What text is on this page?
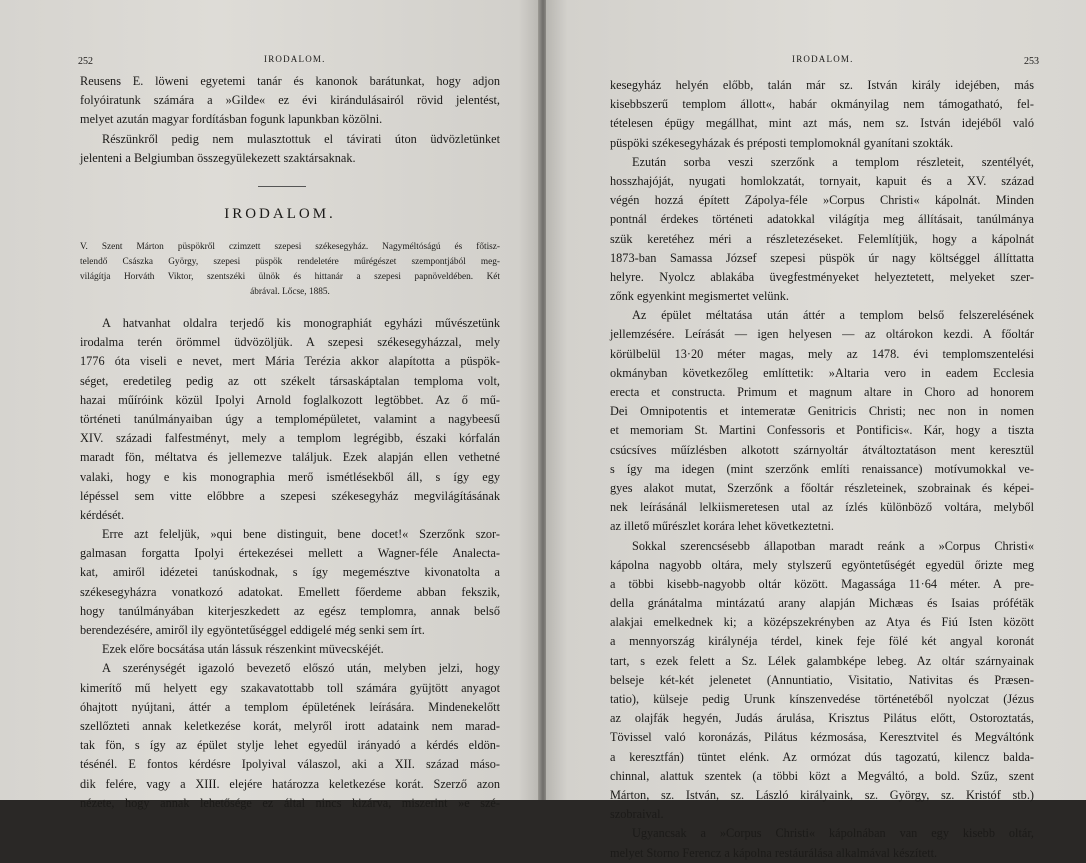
252	IRODALOM.
Reusens E. löweni egyetemi tanár és kanonok barátunkat, hogy adjon
folyóiratunk számára a »Gilde« ez évi kirándulásairól rövid jelentést,
melyet azután magyar fordításban fogunk lapunkban közölni.
Részünkről pedig nem mulasztottuk el távirati úton üdvözletünket
jelenteni a Belgiumban összegyülekezett szaktársaknak.
IRODALOM.
V. Szent Márton püspökről czimzett szepesi székesegyház. Nagyméltóságú és főtisz-
telendő Császka György, szepesi püspök rendeletére műrégészet szempontjából meg-
világítja Horváth Viktor, szentszéki ülnök és hittanár a szepesi papnöveldében. Két
ábrával. Lőcse, 1885.
A hatvanhat oldalra terjedő kis monographiát egyházi művészetünk
irodalma terén örömmel üdvözöljük. A szepesi székesegyházzal, mely
1776 óta viseli e nevet, mert Mária Terézia akkor alapította a püspök-
séget, eredetileg pedig az ott székelt társaskáptalan temploma volt,
hazai műíróink közül Ipolyi Arnold foglalkozott legtöbbet. Az ő mű-
történeti tanúlmányaiban úgy a templomépületet, valamint a nagybeesű
XIV. századi falfestményt, mely a templom legrégibb, északi kórfalán
maradt fön, méltatva és jellemezve találjuk. Ezek alapján ellen vethetné
valaki, hogy e kis monographia merő ismétlésekből áll, s így egy
lépéssel sem vitte előbbre a szepesi székesegyház megvilágításának
kérdését.
Erre azt feleljük, »qui bene distinguit, bene docet!« Szerzőnk szor-
galmasan forgatta Ipolyi értekezései mellett a Wagner-féle Analecta-
kat, amiről idézetei tanúskodnak, s így megemésztve kivonatolta a
székesegyházra vonatkozó adatokat. Emellett főerdeme abban fekszik,
hogy tanúlmányában kiterjeszkedett az egész templomra, annak belső
berendezésére, amiről ily egyöntetűséggel eddigelé még senki sem írt.
Ezek előre bocsátása után lássuk részenkint müvecskéjét.
A szerénységét igazoló bevezető előszó után, melyben jelzi, hogy
kimerítő mű helyett egy szakavatottabb toll számára gyüjtött anyagot
óhajtott nyújtani, áttér a templom épületének leírására. Mindenekelőtt
szellőzteti annak keletkezése korát, melyről irott adataink nem marad-
tak fön, s így az épület stylje lehet egyedül irányadó a kérdés eldön-
tésénél. E fontos kérdésre Ipolyival válaszol, aki a XII. század máso-
dik felére, vagy a XIII. elejére határozza keletkezése korát. Szerző azon
nézete, hogy annak lehetősége ez által nincs kizárva, miszerint »e szé-
IRODALOM.	253
kesegyház helyén előbb, talán már sz. István király idejében, más
kisebbszerű templom állott«, habár okmányilag nem támogatható, fel-
tételesen épügy megállhat, mint azt más, nem sz. István idejéből való
püspöki székesegyházak és préposti templomoknál gyanítani szokták.
Ezután sorba veszi szerzőnk a templom részleteit, szentélyét,
hosszhajóját, nyugati homlokzatát, tornyait, kapuit és a XV. század
végén hozzá épített Zápolya-féle »Corpus Christi« kápolnát. Minden
pontnál érdekes történeti adatokkal világítja meg állításait, tanúlmánya
szük keretéhez méri a részletezéseket. Felemlítjük, hogy a kápolnát
1873-ban Samassa József szepesi püspök úr nagy költséggel állíttatta
helyre. Nyolcz ablakába üvegfestményeket helyeztetett, melyeket szer-
zőnk egyenkint megismertet velünk.
Az épület méltatása után áttér a templom belső felszerelésének
jellemzésére. Leírását — igen helyesen — az oltárokon kezdi. A főoltár
körülbelül 13·20 méter magas, mely az 1478. évi templomszentelési
okmányban következőleg említtetik: »Altaria vero in eadem Ecclesia
erecta et constructa. Primum et magnum altare in Choro ad honorem
Dei Omnipotentis et intemeratæ Genitricis Christi; nec non in nomen
et memoriam St. Martini Confessoris et Pontificis«. Kár, hogy a tiszta
csúcsíves műízlésben alkotott szárnyoltár átváltoztatáson ment keresztül
s így ma idegen (mint szerzőnk említi renaissance) motívumokkal ve-
gyes alakot mutat, Szerzőnk a főoltár részleteinek, szobrainak és képei-
nek leírásánál lelkiismeretesen utal az ízlés különböző voltára, melyből
az illető műrészlet korára lehet következtetni.
Sokkal szerencsésebb állapotban maradt reánk a »Corpus Christi«
kápolna nagyobb oltára, mely stylszerű egyöntetűségét egyedül őrizte meg
a többi kisebb-nagyobb oltár között. Magassága 11·64 méter. A pre-
della gránátalma mintázatú arany alapján Michæas és Isaias prófétäk
alakjai emelkednek ki; a középszekrényben az Atya és Fiú Isten között
a mennyország királynéja térdel, kinek feje fölé két angyal koronát
tart, s ezek felett a Sz. Lélek galambképe lebeg. Az oltár szárnyainak
belseje két-két jelenetet (Annuntiatio, Visitatio, Nativitas és Præsen-
tatio), külseje pedig Urunk kínszenvedése történetéből nyolczat (Jézus
az olajfák hegyén, Judás árulása, Krisztus Pilátus előtt, Ostoroztatás,
Tövissel való koronázás, Pilátus kézmosása, Keresztvitel és Megváltónk
a keresztfán) tüntet elénk. Az ormózat dús tagozatú, kilencz balda-
chinnal, alattuk szentek (a többi közt a Megváltó, a bold. Szűz, szent
Márton, sz. István, sz. László királyaink, sz. György, sz. Kristóf stb.)
szobraival.
Ugyancsak a »Corpus Christi« kápolnában van egy kisebb oltár,
melyet Storno Ferencz a kápolna restáurálása alkalmával készített.
